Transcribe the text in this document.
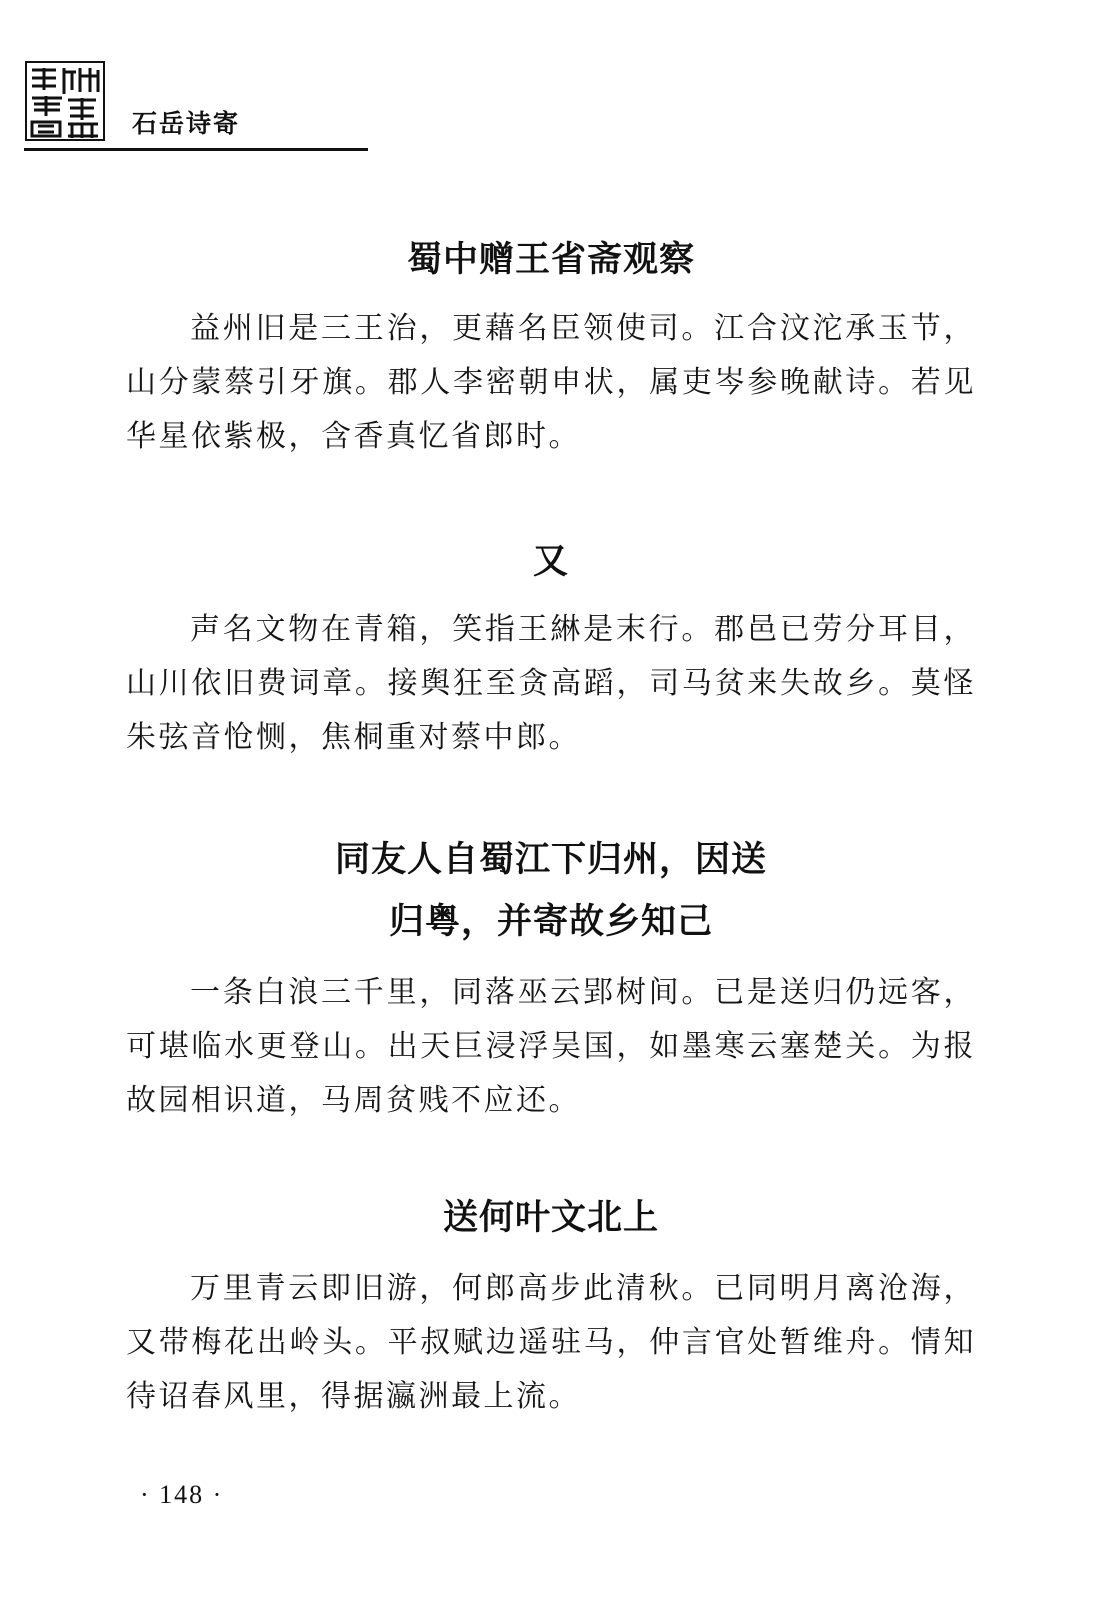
石岳诗寄
蜀中赠王省斋观察

益州旧是三王治，更藉名臣领使司。江合汶沱承玉节，山分蒙蔡引牙旗。郡人李密朝申状，属吏岑参晚献诗。若见华星依紫极，含香真忆省郎时。

又

声名文物在青箱，笑指王綝是末行。郡邑已劳分耳目，山川依旧费词章。接舆狂至贪高蹈，司马贫来失故乡。莫怪朱弦音怆恻，焦桐重对蔡中郎。

同友人自蜀江下归州，因送
归粤，并寄故乡知己

一条白浪三千里，同落巫云郢树间。已是送归仍远客，可堪临水更登山。出天巨浸浮吴国，如墨寒云塞楚关。为报故园相识道，马周贫贱不应还。

送何叶文北上

万里青云即旧游，何郎高步此清秋。已同明月离沧海，又带梅花出岭头。平叔赋边遥驻马，仲言官处暂维舟。情知待诏春风里，得据瀛洲最上流。

· 148 ·
